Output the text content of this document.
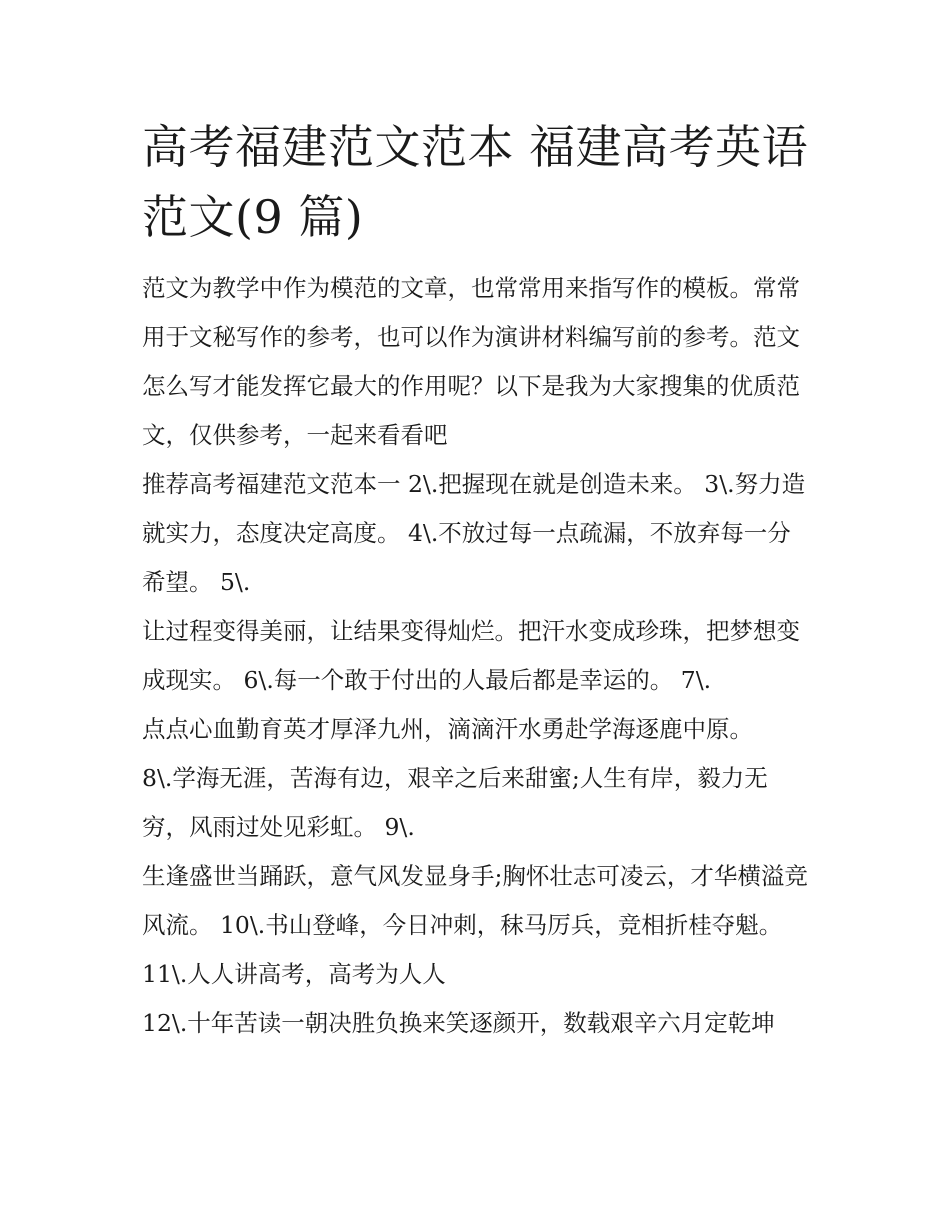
高考福建范文范本 福建高考英语范文(9 篇)

范文为教学中作为模范的文章，也常常用来指写作的模板。常常用于文秘写作的参考，也可以作为演讲材料编写前的参考。范文怎么写才能发挥它最大的作用呢？以下是我为大家搜集的优质范文，仅供参考，一起来看看吧

推荐高考福建范文范本一 2\.把握现在就是创造未来。 3\.努力造就实力，态度决定高度。 4\.不放过每一点疏漏，不放弃每一分希望。 5\.

让过程变得美丽，让结果变得灿烂。把汗水变成珍珠，把梦想变成现实。 6\.每一个敢于付出的人最后都是幸运的。 7\.

点点心血勤育英才厚泽九州，滴滴汗水勇赴学海逐鹿中原。

8\.学海无涯，苦海有边，艰辛之后来甜蜜;人生有岸，毅力无穷，风雨过处见彩虹。 9\.

生逢盛世当踊跃，意气风发显身手;胸怀壮志可凌云，才华横溢竞风流。 10\.书山登峰，今日冲刺，秣马厉兵，竞相折桂夺魁。 11\.人人讲高考，高考为人人

12\.十年苦读一朝决胜负换来笑逐颜开，数载艰辛六月定乾坤
